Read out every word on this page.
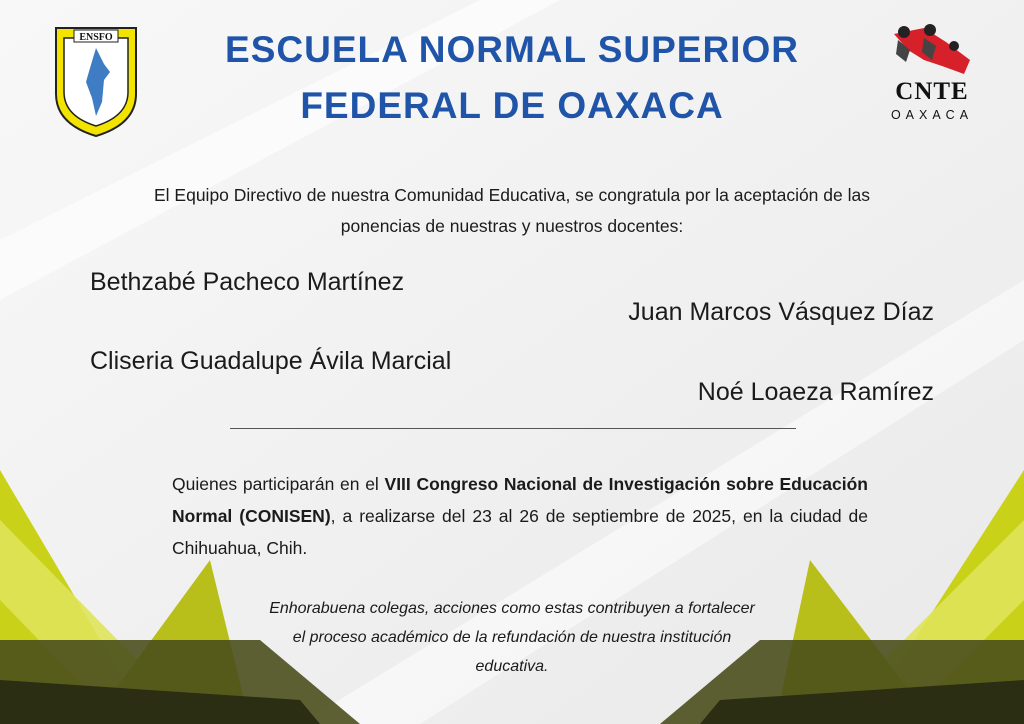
ENSFO	ESCUELA NORMAL SUPERIOR
FEDERAL DE OAXACA	CNTE
OAXACA
El Equipo Directivo de nuestra Comunidad Educativa, se congratula por la aceptación de las ponencias de nuestras y nuestros docentes:
Bethzabé Pacheco Martínez
Juan Marcos Vásquez Díaz
Cliseria Guadalupe Ávila Marcial
Noé Loaeza Ramírez
Quienes participarán en el VIII Congreso Nacional de Investigación sobre Educación Normal (CONISEN), a realizarse del 23 al 26 de septiembre de 2025, en la ciudad de Chihuahua, Chih.
Enhorabuena colegas, acciones como estas contribuyen a fortalecer el proceso académico de la refundación de nuestra institución educativa.
